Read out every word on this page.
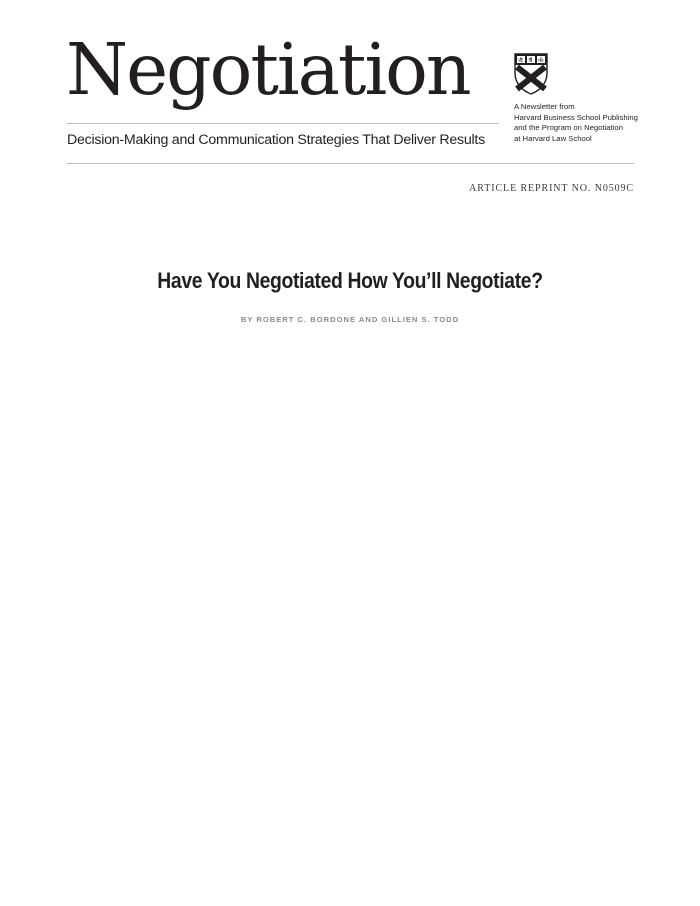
Negotiation
Decision-Making and Communication Strategies That Deliver Results
VE RI TAS
A Newsletter from
Harvard Business School Publishing
and the Program on Negotiation
at Harvard Law School
ARTICLE REPRINT NO. N0509C
Have You Negotiated How You’ll Negotiate?
BY ROBERT C. BORDONE AND GILLIEN S. TODD
